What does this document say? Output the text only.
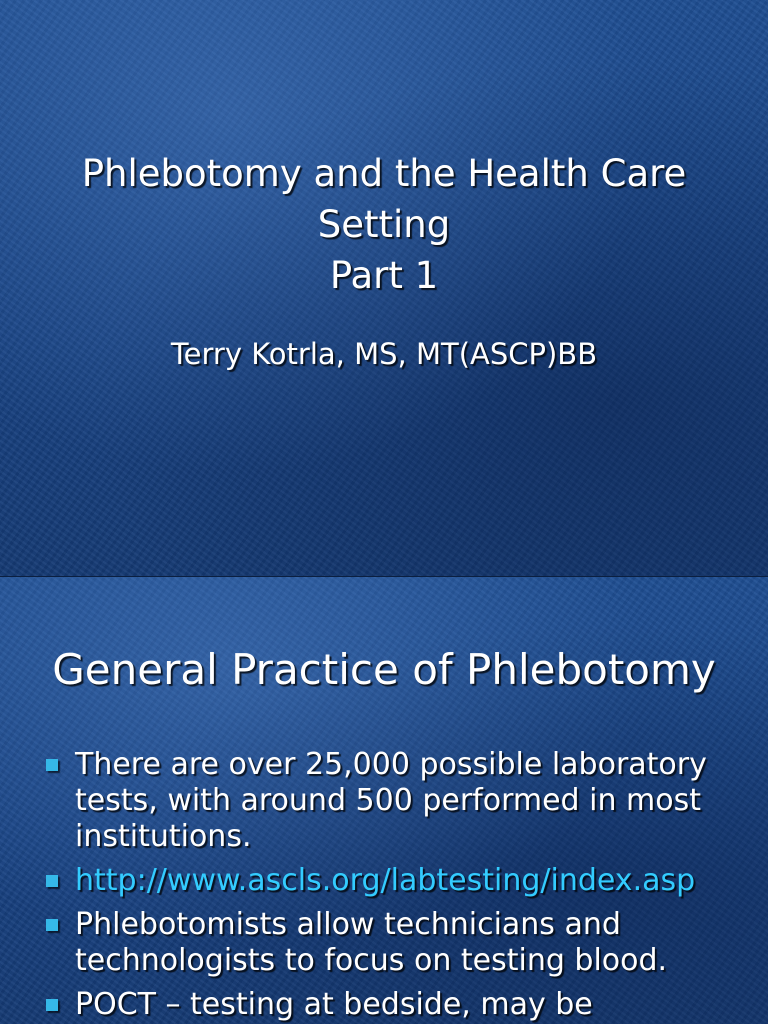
Phlebotomy and the Health Care
Setting
Part 1
Terry Kotrla, MS, MT(ASCP)BB
General Practice of Phlebotomy
There are over 25,000 possible laboratory tests, with around 500 performed in most institutions.
http://www.ascls.org/labtesting/index.asp
Phlebotomists allow technicians and technologists to focus on testing blood.
POCT – testing at bedside, may be
